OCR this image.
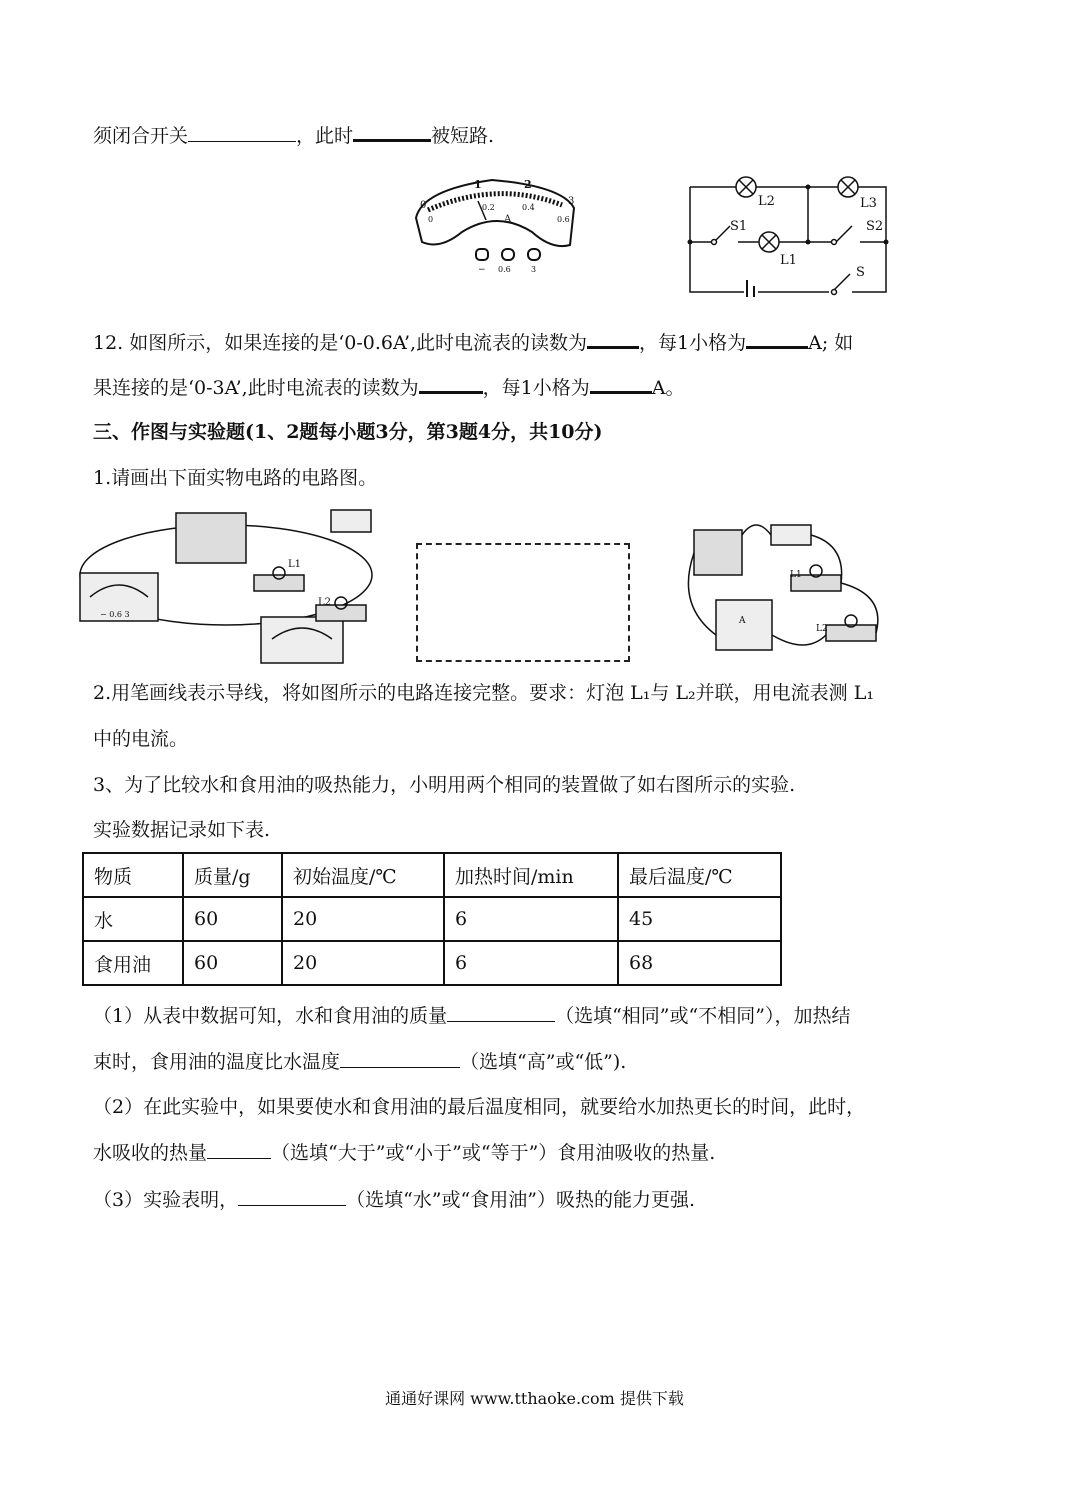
须闭合开关	，此时	被短路.
0
1	2
3
0
0.2	0.4
0.6
A
− 0.6	3
L2	L3
S1
L1
S2
S
12. 如图所示，如果连接的是‘0-0.6A’,此时电流表的读数为	，每1小格为	A; 如
果连接的是‘0-3A’,此时电流表的读数为	，每1小格为	A。
三、作图与实验题(1、2题每小题3分，第3题4分，共10分)
1.请画出下面实物电路的电路图。
L1
L2
− 0.6 3
L1
L2
A
2.用笔画线表示导线，将如图所示的电路连接完整。要求：灯泡 L₁与 L₂并联，用电流表测 L₁
中的电流。
3、为了比较水和食用油的吸热能力，小明用两个相同的装置做了如右图所示的实验.
实验数据记录如下表.
物质	质量/g	初始温度/℃	加热时间/min	最后温度/℃
水	60	20	6	45
食用油	60	20	6	68
（1）从表中数据可知，水和食用油的质量	（选填“相同”或“不相同”），加热结
束时，食用油的温度比水温度	（选填“高”或“低”).
（2）在此实验中，如果要使水和食用油的最后温度相同，就要给水加热更长的时间，此时，
水吸收的热量	（选填“大于”或“小于”或“等于”）食用油吸收的热量.
（3）实验表明，	（选填“水”或“食用油”）吸热的能力更强.
通通好课网 www.tthaoke.com 提供下载
